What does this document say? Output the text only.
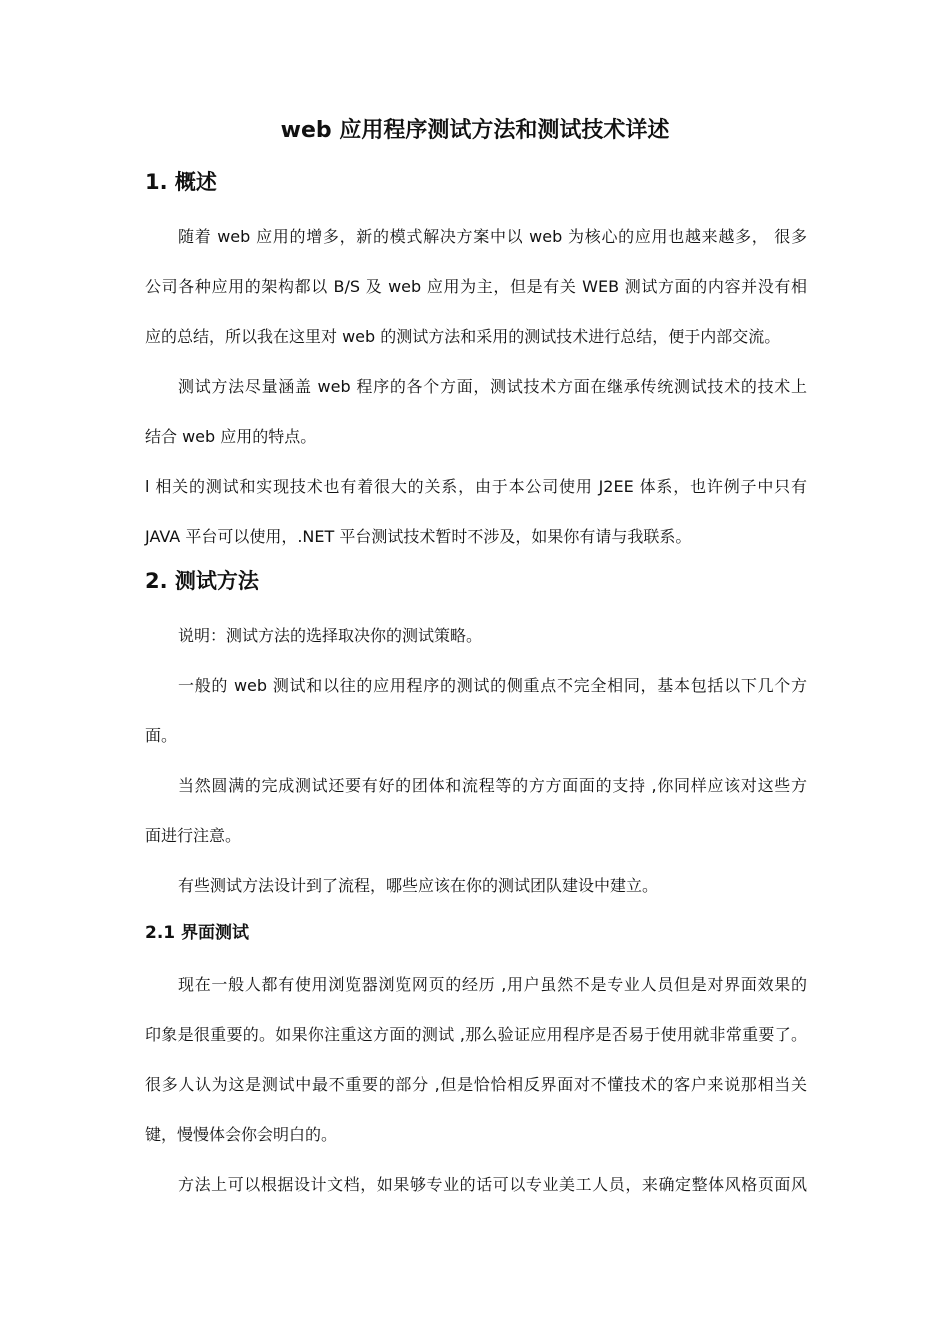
web 应用程序测试方法和测试技术详述
1. 概述

随着 web 应用的增多，新的模式解决方案中以 web 为核心的应用也越来越多， 很多

公司各种应用的架构都以 B/S 及 web 应用为主，但是有关 WEB 测试方面的内容并没有相

应的总结，所以我在这里对 web 的测试方法和采用的测试技术进行总结，便于内部交流。

测试方法尽量涵盖 web 程序的各个方面，测试技术方面在继承传统测试技术的技术上

结合 web 应用的特点。

l 相关的测试和实现技术也有着很大的关系，由于本公司使用 J2EE 体系，也许例子中只有

JAVA 平台可以使用，.NET 平台测试技术暂时不涉及，如果你有请与我联系。

2. 测试方法

说明：测试方法的选择取决你的测试策略。

一般的 web 测试和以往的应用程序的测试的侧重点不完全相同，基本包括以下几个方

面。

当然圆满的完成测试还要有好的团体和流程等的方方面面的支持 ,你同样应该对这些方

面进行注意。

有些测试方法设计到了流程，哪些应该在你的测试团队建设中建立。

2.1 界面测试

现在一般人都有使用浏览器浏览网页的经历 ,用户虽然不是专业人员但是对界面效果的

印象是很重要的。如果你注重这方面的测试 ,那么验证应用程序是否易于使用就非常重要了。

很多人认为这是测试中最不重要的部分 ,但是恰恰相反界面对不懂技术的客户来说那相当关

键，慢慢体会你会明白的。

方法上可以根据设计文档，如果够专业的话可以专业美工人员，来确定整体风格页面风
